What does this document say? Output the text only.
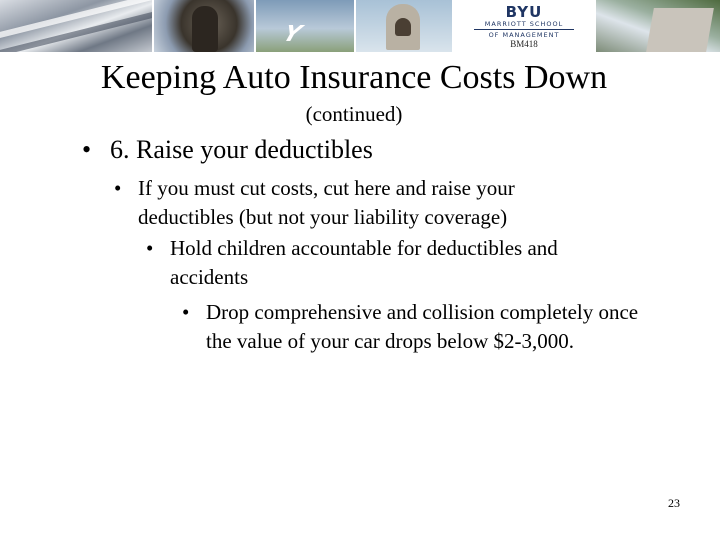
Y
BYU
MARRIOTT SCHOOL
OF MANAGEMENT
BM418
Keeping Auto Insurance Costs Down
(continued)
• 6. Raise your deductibles
• If you must cut costs, cut here and raise your deductibles (but not your liability coverage)
• Hold children accountable for deductibles and accidents
• Drop comprehensive and collision completely once the value of your car drops below $2-3,000.
23
